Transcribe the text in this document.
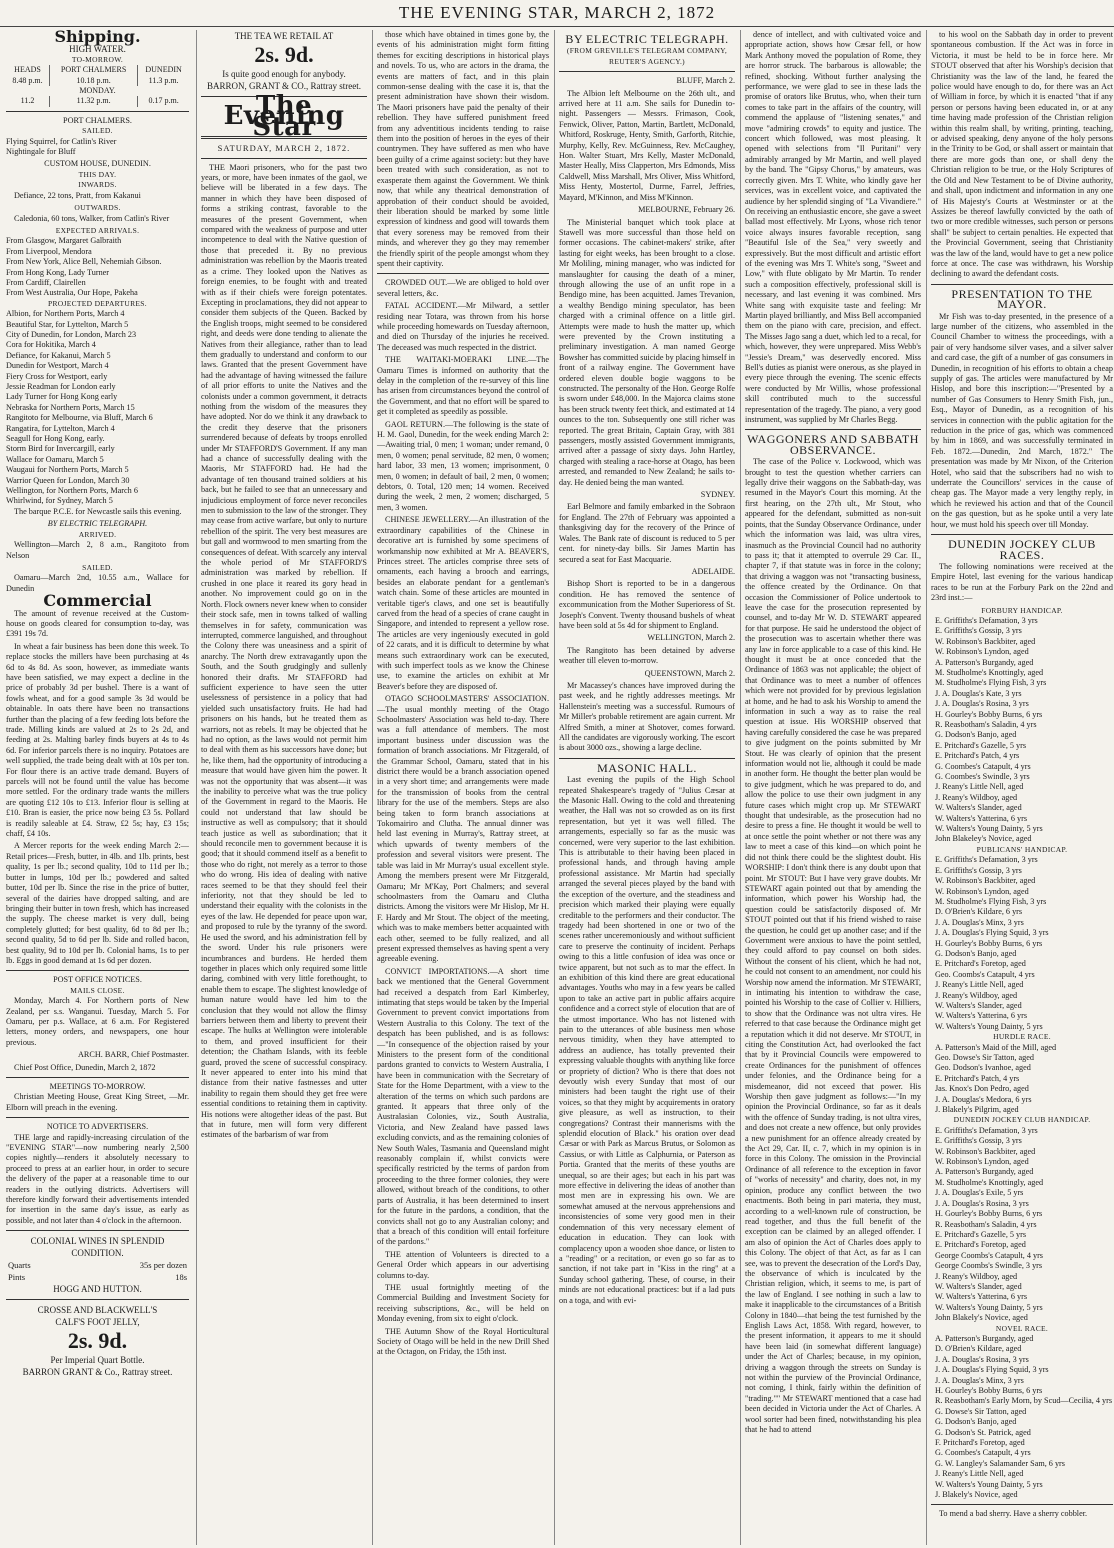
THE EVENING STAR, MARCH 2, 1872
Shipping.
HIGH WATER.
TO-MORROW.
HEADS	PORT CHALMERS	DUNEDIN
8.48 p.m.	10.18 p.m.	11.3 p.m.
MONDAY.		
11.2	11.32 p.m.	0.17 p.m.
PORT CHALMERS.
SAILED.

Flying Squirrel, for Catlin's River
Nightingale for Bluff

CUSTOM HOUSE, DUNEDIN.
THIS DAY.
INWARDS.

Defiance, 22 tons, Pratt, from Kakanui

OUTWARDS.

Caledonia, 60 tons, Walker, from Catlin's River

EXPECTED ARRIVALS.
From Glasgow, Margaret Galbraith
From Liverpool, Mendora
From New York, Alice Bell, Nehemiah Gibson.
From Hong Kong, Lady Turner
From Cardiff, Clairellen
From West Australia, Our Hope, Pakeha
PROJECTED DEPARTURES.
Albion, for Northern Ports, March 4
Beautiful Star, for Lyttelton, March 5
City of Dunedin, for London, March 23
Cora for Hokitika, March 4
Defiance, for Kakanui, March 5
Dunedin for Westport, March 4
Fiery Cross for Westport, early
Jessie Readman for London early
Lady Turner for Hong Kong early
Nebraska for Northern Ports, March 15
Rangitoto for Melbourne, via Bluff, March 6
Rangatira, for Lyttelton, March 4
Seagull for Hong Kong, early.
Storm Bird for Invercargill, early
Wallace for Oamaru, March 5
Waugaui for Northern Ports, March 5
Warrior Queen for London, March 30
Wellington, for Northern Ports, March 6
Whirlwind, for Sydney, March 5

The barque P.C.E. for Newcastle sails this evening.

BY ELECTRIC TELEGRAPH.
ARRIVED.

Wellington—March 2, 8 a.m., Rangitoto from Nelson

SAILED.

Oamaru—March 2nd, 10.55 a.m., Wallace for Dunedin

Commercial

The amount of revenue received at the Custom-house on goods cleared for consumption to-day, was £391 19s 7d.

In wheat a fair business has been done this week. To replace stocks the millers have been purchasing at 4s 6d to 4s 8d. As soon, however, as immediate wants have been satisfied, we may expect a decline in the price of probably 3d per bushel. There is a want of fowls wheat, and for a good sample 3s 3d would be obtainable. In oats there have been no transactions further than the placing of a few feeding lots before the trade. Milling kinds are valued at 2s to 2s 2d, and feeding at 2s. Malting barley finds buyers at 4s to 4s 6d. For inferior parcels there is no inquiry. Potatoes are well supplied, the trade being dealt with at 10s per ton. For flour there is an active trade demand. Buyers of parcels will not be found until the value has become more settled. For the ordinary trade wants the millers are quoting £12 10s to £13. Inferior flour is selling at £10. Bran is easier, the price now being £3 5s. Pollard is readily saleable at £4. Straw, £2 5s; hay, £3 15s; chaff, £4 10s.

A Mercer reports for the week ending March 2:—Retail prices—Fresh, butter, in 4lb. and 1lb. prints, best quality, 1s per lb.; second quality, 10d to 11d per lb.; butter in lumps, 10d per lb.; powdered and salted butter, 10d per lb. Since the rise in the price of butter, several of the dairies have dropped salting, and are bringing their butter in town fresh, which has increased the supply. The cheese market is very dull, being completely glutted; for best quality, 6d to 8d per lb.; second quality, 5d to 6d per lb. Side and rolled bacon, best quality, 9d to 10d per lb. Colonial hams, 1s to per lb. Eggs in good demand at 1s 6d per dozen.

POST OFFICE NOTICES.
MAILS CLOSE.

Monday, March 4. For Northern ports of New Zealand, per s.s. Wanganui. Tuesday, March 5. For Oamaru, per p.s. Wallace, at 6 a.m. For Registered letters, money orders, and newspapers, one hour previous.

ARCH. BARR, Chief Postmaster.

Chief Post Office, Dunedin, March 2, 1872

MEETINGS TO-MORROW.

Christian Meeting House, Great King Street, —Mr. Elborn will preach in the evening.

NOTICE TO ADVERTISERS.

THE large and rapidly-increasing circulation of the "EVENING STAR"—now numbering nearly 2,500 copies nightly—renders it absolutely necessary to proceed to press at an earlier hour, in order to secure the delivery of the paper at a reasonable time to our readers in the outlying districts. Advertisers will therefore kindly forward their advertisements intended for insertion in the same day's issue, as early as possible, and not later than 4 o'clock in the afternoon.

COLONIAL WINES IN SPLENDID CONDITION.
Quarts	35s per dozen
Pints	18s
HOGG AND HUTTON.
CROSSE AND BLACKWELL'S
CALF'S FOOT JELLY,
2s. 9d.
Per Imperial Quart Bottle.
BARRON GRANT & Co., Rattray street.
THE TEA WE RETAIL AT
2s. 9d.
Is quite good enough for anybody.
BARRON, GRANT & CO., Rattray street.
The Evening Star
SATURDAY, MARCH 2, 1872.

THE Maori prisoners, who for the past two years, or more, have been inmates of the gaol, we believe will be liberated in a few days. The manner in which they have been disposed of forms a striking contrast, favorable to the measures of the present Government, when compared with the weakness of purpose and utter incompetence to deal with the Native question of those that preceded it. By no previous administration was rebellion by the Maoris treated as a crime. They looked upon the Natives as foreign enemies, to be fought with and treated with as if their chiefs were foreign potentates. Excepting in proclamations, they did not appear to consider them subjects of the Queen. Backed by the English troops, might seemed to be considered right, and deeds were done tending to alienate the Natives from their allegiance, rather than to lead them gradually to understand and conform to our laws. Granted that the present Government have had the advantage of having witnessed the failure of all prior efforts to unite the Natives and the colonists under a common government, it detracts nothing from the wisdom of the measures they have adopted. Nor do we think it any drawback to the credit they deserve that the prisoners surrendered because of defeats by troops enrolled under Mr STAFFORD'S Government. If any man had a chance of successfully dealing with the Maoris, Mr STAFFORD had. He had the advantage of ten thousand trained soldiers at his back, but he failed to see that an unnecessary and injudicious employment of force never reconciles men to submission to the law of the stronger. They may cease from active warfare, but only to nurture rebellion of the spirit. The very best measures are but gall and wormwood to men smarting from the consequences of defeat. With scarcely any interval the whole period of Mr STAFFORD'S administration was marked by rebellion. If crushed in one place it reared its gory head in another. No improvement could go on in the North. Flock owners never knew when to consider their stock safe, men in towns talked of walling themselves in for safety, communication was interrupted, commerce languished, and throughout the Colony there was uneasiness and a spirit of anarchy. The North drew extravagantly upon the South, and the South grudgingly and sullenly honored their drafts. Mr STAFFORD had sufficient experience to have seen the utter uselessness of persistence in a policy that had yielded such unsatisfactory fruits. He had had prisoners on his hands, but he treated them as warriors, not as rebels. It may be objected that he had no option, as the laws would not permit him to deal with them as his successors have done; but he, like them, had the opportunity of introducing a measure that would have given him the power. It was not the opportunity that was absent—it was the inability to perceive what was the true policy of the Government in regard to the Maoris. He could not understand that law should be instructive as well as compulsory; that it should teach justice as well as subordination; that it should reconcile men to government because it is good; that it should commend itself as a benefit to those who do right, not merely as a terror to those who do wrong. His idea of dealing with native races seemed to be that they should feel their inferiority, not that they should be led to understand their equality with the colonists in the eyes of the law. He depended for peace upon war, and proposed to rule by the tyranny of the sword. He used the sword, and his administration fell by the sword. Under his rule prisoners were incumbrances and burdens. He herded them together in places which only required some little daring, combined with very little forethought, to enable them to escape. The slightest knowledge of human nature would have led him to the conclusion that they would not allow the flimsy barriers between them and liberty to prevent their escape. The hulks at Wellington were intolerable to them, and proved insufficient for their detention; the Chatham Islands, with its feeble guard, proved the scene of successful conspiracy. It never appeared to enter into his mind that distance from their native fastnesses and utter inability to regain them should they get free were essential conditions to retaining them in captivity. His notions were altogether ideas of the past. But that in future, men will form very different estimates of the barbarism of war from

those which have obtained in times gone by, the events of his administration might form fitting themes for exciting descriptions in historical plays and novels. To us, who are actors in the drama, the events are matters of fact, and in this plain common-sense dealing with the case it is, that the present administration have shown their wisdom. The Maori prisoners have paid the penalty of their rebellion. They have suffered punishment freed from any adventitious incidents tending to raise them into the position of heroes in the eyes of their countrymen. They have suffered as men who have been guilty of a crime against society: but they have been treated with such consideration, as not to exasperate them against the Government. We think now, that while any theatrical demonstration of approbation of their conduct should be avoided, their liberation should be marked by some little expression of kindness and good will towards them that every soreness may be removed from their minds, and wherever they go they may remember the friendly spirit of the people amongst whom they spent their captivity.

CROWDED OUT.—We are obliged to hold over several letters, &c.

FATAL ACCIDENT.—Mr Milward, a settler residing near Totara, was thrown from his horse while proceeding homewards on Tuesday afternoon, and died on Thursday of the injuries he received. The deceased was much respected in the district.

THE WAITAKI-MOERAKI LINE.—The Oamaru Times is informed on authority that the delay in the completion of the re-survey of this line has arisen from circumstances beyond the control of the Government, and that no effort will be spared to get it completed as speedily as possible.

GAOL RETURN.—The following is the state of H. M. Gaol, Dunedin, for the week ending March 2:—Awaiting trial, 0 men; 1 woman; under remand, 0 men, 0 women; penal servitude, 82 men, 0 women; hard labor, 33 men, 13 women; imprisonment, 0 men, 0 women; in default of bail, 2 men, 0 women; debtors, 0. Total, 120 men; 14 women. Received during the week, 2 men, 2 women; discharged, 5 men, 3 women.

CHINESE JEWELLERY.—An illustration of the extraordinary capabilities of the Chinese in decorative art is furnished by some specimens of workmanship now exhibited at Mr A. BEAVER'S, Princes street. The articles comprise three sets of ornaments, each having a brooch and earrings, besides an elaborate pendant for a gentleman's watch chain. Some of these articles are mounted in veritable tiger's claws, and one set is beautifully carved from the head of a species of crane caught in Singapore, and intended to represent a yellow rose. The articles are very ingeniously executed in gold of 22 carats, and it is difficult to determine by what means such extraordinary work can be executed, with such imperfect tools as we know the Chinese use, to examine the articles on exhibit at Mr Beaver's before they are disposed of.

OTAGO SCHOOLMASTERS' ASSOCIATION.—The usual monthly meeting of the Otago Schoolmasters' Association was held to-day. There was a full attendance of members. The most important business under discussion was the formation of branch associations. Mr Fitzgerald, of the Grammar School, Oamaru, stated that in his district there would be a branch association opened in a very short time; and arrangements were made for the transmission of books from the central library for the use of the members. Steps are also being taken to form branch associations at Tokomairiro and Clutha. The annual dinner was held last evening in Murray's, Rattray street, at which upwards of twenty members of the profession and several visitors were present. The table was laid in Mr Murray's usual excellent style. Among the members present were Mr Fitzgerald, Oamaru; Mr M'Kay, Port Chalmers; and several schoolmasters from the Oamaru and Clutha districts. Among the visitors were Mr Hislop, Mr H. F. Hardy and Mr Stout. The object of the meeting, which was to make members better acquainted with each other, seemed to be fully realized, and all present expressed themselves as having spent a very agreeable evening.

CONVICT IMPORTATIONS.—A short time back we mentioned that the General Government had received a despatch from Earl Kimberley, intimating that steps would be taken by the Imperial Government to prevent convict importations from Western Australia to this Colony. The text of the despatch has been published, and is as follows:—"In consequence of the objection raised by your Ministers to the present form of the conditional pardons granted to convicts to Western Australia, I have been in communication with the Secretary of State for the Home Department, with a view to the alteration of the terms on which such pardons are granted. It appears that three only of the Australasian Colonies, viz., South Australia, Victoria, and New Zealand have passed laws excluding convicts, and as the remaining colonies of New South Wales, Tasmania and Queensland might reasonably complain if, whilst convicts were specifically restricted by the terms of pardon from proceeding to the three former colonies, they were allowed, without breach of the conditions, to other parts of Australia, it has been determined to insert for the future in the pardons, a condition, that the convicts shall not go to any Australian colony; and that a breach of this condition will entail forfeiture of the pardons."

THE attention of Volunteers is directed to a General Order which appears in our advertising columns to-day.

THE usual fortnightly meeting of the Commercial Building and Investment Society for receiving subscriptions, &c., will be held on Monday evening, from six to eight o'clock.

THE Autumn Show of the Royal Horticultural Society of Otago will be held in the new Drill Shed at the Octagon, on Friday, the 15th inst.

BY ELECTRIC TELEGRAPH.
(FROM GREVILLE'S TELEGRAM COMPANY, REUTER'S AGENCY.)

BLUFF, March 2.

The Albion left Melbourne on the 26th ult., and arrived here at 11 a.m. She sails for Dunedin to-night. Passengers — Messrs. Frimason, Cook, Fenwick, Oliver, Patton, Martin, Bartlett, McDonald, Whitford, Roskruge, Henty, Smith, Garforth, Ritchie, Murphy, Kelly, Rev. McGuinness, Rev. McCaughey, Hon. Walter Stuart, Mrs Kelly, Master McDonald, Master Heally, Miss Clapperton, Mrs Edmonds, Miss Caldwell, Miss Marshall, Mrs Oliver, Miss Whitford, Miss Henty, Mostertol, Durrne, Farrel, Jeffries, Mayard, M'Kinnon, and Miss M'Kinnon.

MELBOURNE, February 26.

The Ministerial banquet which took place at Stawell was more successful than those held on former occasions. The cabinet-makers' strike, after lasting for eight weeks, has been brought to a close. Mr Moliling, mining manager, who was indicted for manslaughter for causing the death of a miner, through allowing the use of an unfit rope in a Bendigo mine, has been acquitted. James Trevanion, a wealthy Bendigo mining speculator, has been charged with a criminal offence on a little girl. Attempts were made to hush the matter up, which were prevented by the Crown instituting a preliminary investigation. A man named George Bowsher has committed suicide by placing himself in front of a railway engine. The Government have ordered eleven double bogie waggons to be constructed. The personalty of the Hon. George Rolfe is sworn under £48,000. In the Majorca claims stone has been struck twenty feet thick, and estimated at 14 ounces to the ton. Subsequently one still richer was reported. The great Britain, Captain Gray, with 381 passengers, mostly assisted Government immigrants, arrived after a passage of sixty days. John Hartley, charged with stealing a race-horse at Otago, has been arrested, and remanded to New Zealand; he sails to-day. He denied being the man wanted.

SYDNEY.

Earl Belmore and family embarked in the Sobraon for England. The 27th of February was appointed a thanksgiving day for the recovery of the Prince of Wales. The Bank rate of discount is reduced to 5 per cent. for ninety-day bills. Sir James Martin has secured a seat for East Macquarie.

ADELAIDE.

Bishop Short is reported to be in a dangerous condition. He has removed the sentence of excommunication from the Mother Superioress of St. Joseph's Convent. Twenty thousand bushels of wheat have been sold at 5s 4d for shipment to England.

WELLINGTON, March 2.

The Rangitoto has been detained by adverse weather till eleven to-morrow.

QUEENSTOWN, March 2.

Mr Macassey's chances have improved during the past week, and he rightly addresses meetings. Mr Hallenstein's meeting was a successful. Rumours of Mr Miller's probable retirement are again current. Mr Alfred Smith, a miner at Shotover, comes forward. All the candidates are vigorously working. The escort is about 3000 ozs., showing a large decline.

MASONIC HALL.

Last evening the pupils of the High School repeated Shakespeare's tragedy of "Julius Cæsar at the Masonic Hall. Owing to the cold and threatening weather, the Hall was not so crowded as on its first representation, but yet it was well filled. The arrangements, especially so far as the music was concerned, were very superior to the last exhibition. This is attributable to their having been placed in professional hands, and through having ample professional assistance. Mr Martin had specially arranged the several pieces played by the band with the exception of the overture, and the steadiness and precision which marked their playing were equally creditable to the performers and their conductor. The tragedy had been shortened in one or two of the scenes rather unceremoniously and without sufficient care to preserve the continuity of incident. Perhaps owing to this a little confusion of idea was once or twice apparent, but not such as to mar the effect. In an exhibition of this kind there are great educational advantages. Youths who may in a few years be called upon to take an active part in public affairs acquire confidence and a correct style of elocution that are of the utmost importance. Who has not listened with pain to the utterances of able business men whose nervous timidity, when they have attempted to address an audience, has totally prevented their expressing valuable thoughts with anything like force or propriety of diction? Who is there that does not devoutly wish every Sunday that most of our ministers had been taught the right use of their voices, so that they might by acquirements in oratory give pleasure, as well as instruction, to their congregations? Contrast their mannerisms with the splendid elocution of Black." his oration over dead Cæsar or with Park as Marcus Brutus, or Solomon as Cassius, or with Little as Calphurnia, or Paterson as Portia. Granted that the merits of these youths are unequal, so are their ages; but each in his part was more effective in delivering the ideas of another than most men are in expressing his own. We are somewhat amused at the nervous apprehensions and inconsistencies of some very good men in their condemnation of this very necessary element of education in education. They can look with complacency upon a wooden shoe dance, or listen to a "reading" or a recitation, or even go so far as to sanction, if not take part in "Kiss in the ring" at a Sunday school gathering. These, of course, in their minds are not educational practices: but if a lad puts on a toga, and with evi-

dence of intellect, and with cultivated voice and appropriate action, shows how Cæsar fell, or how Mark Anthony moved the population of Rome, they are horror struck. The barbarous is allowable; the refined, shocking. Without further analysing the performance, we were glad to see in these lads the promise of orators like Brutus, who, when their turn comes to take part in the affairs of the country, will commend the applause of "listening senates," and move "admiring crowds" to equity and justice. The concert which followed, was most pleasing. It opened with selections from "Il Puritani" very admirably arranged by Mr Martin, and well played by the band. The "Gipsy Chorus," by amateurs, was correctly given. Mrs T. White, who kindly gave her services, was in excellent voice, and captivated the audience by her splendid singing of "La Vivandiere." On receiving an enthusiastic encore, she gave a sweet ballad most effectively. Mr Lyons, whose rich tenor voice always insures favorable reception, sang "Beautiful Isle of the Sea," very sweetly and expressively. But the most difficult and artistic effort of the evening was Mrs T. White's song, "Sweet and Low," with flute obligato by Mr Martin. To render such a composition effectively, professional skill is necessary, and last evening it was combined. Mrs White sang with exquisite taste and feeling: Mr Martin played brilliantly, and Miss Bell accompanied them on the piano with care, precision, and effect. The Misses Jago sang a duet, which led to a recal, for which, however, they were unprepared. Miss Webb's "Jessie's Dream," was deservedly encored. Miss Bell's duties as pianist were onerous, as she played in every piece through the evening. The scenic effects were conducted by Mr Willis, whose professional skill contributed much to the successful representation of the tragedy. The piano, a very good instrument, was supplied by Mr Charles Begg.

WAGGONERS AND SABBATH OBSERVANCE.

The case of the Police v. Lockwood, which was brought to test the question whether carriers can legally drive their waggons on the Sabbath-day, was resumed in the Mayor's Court this morning. At the first hearing, on the 27th ult., Mr Stout, who appeared for the defendant, submitted as non-suit points, that the Sunday Observance Ordinance, under which the information was laid, was ultra vires, inasmuch as the Provincial Council had no authority to pass it; that it attempted to overrule 29 Car. II., chapter 7, if that statute was in force in the colony; that driving a waggon was not "transacting business, the offence created by the Ordinance. On that occasion the Commissioner of Police undertook to leave the case for the prosecution represented by counsel, and to-day Mr W. D. STEWART appeared for that purpose. He said he understood the object of the prosecution was to ascertain whether there was any law in force applicable to a case of this kind. He thought it must be at once conceded that the Ordinance of 1863 was not applicable; the object of that Ordinance was to meet a number of offences which were not provided for by previous legislation at home, and he had to ask his Worship to amend the information in such a way as to raise the real question at issue. His WORSHIP observed that having carefully considered the case he was prepared to give judgment on the points submitted by Mr Stout. He was clearly of opinion that the present information would not lie, although it could be made in another form. He thought the better plan would be to give judgment, which he was prepared to do, and allow the police to use their own judgment in any future cases which might crop up. Mr STEWART thought that undesirable, as the prosecution had no desire to press a fine. He thought it would be well to at once settle the point whether or not there was any law to meet a case of this kind—on which point he did not think there could be the slightest doubt. His WORSHIP: I don't think there is any doubt upon that point. Mr STOUT: But I have very grave doubts. Mr STEWART again pointed out that by amending the information, which power his Worship had, the question could be satisfactorily disposed of. Mr STOUT pointed out that if his friend wished to raise the question, he could get up another case; and if the Government were anxious to have the point settled, they could afford to pay counsel on both sides. Without the consent of his client, which he had not, he could not consent to an amendment, nor could his Worship now amend the information. Mr STEWART, in intimating his intention to withdraw the case, pointed his Worship to the case of Collier v. Hilliers, to show that the Ordinance was not ultra vires. He referred to that case because the Ordinance might get a reputation which it did not deserve. Mr STOUT, in citing the Constitution Act, had overlooked the fact that by it Provincial Councils were empowered to create Ordinances for the punishment of offences under felonies, and the Ordinance being for a misdemeanor, did not exceed that power. His Worship then gave judgment as follows:—"In my opinion the Provincial Ordinance, so far as it deals with the offence of Sunday trading, is not ultra vires, and does not create a new offence, but only provides a new punishment for an offence already created by the Act 29, Car. II, c. 7, which in my opinion is in force in this Colony. The omission in the Provincial Ordinance of all reference to the exception in favor of "works of necessity" and charity, does not, in my opinion, produce any conflict between the two enactments. Both being in pari materia, they must, according to a well-known rule of construction, be read together, and thus the full benefit of the exception can be claimed by an alleged offender. I am also of opinion the Act of Charles does apply to this Colony. The object of that Act, as far as I can see, was to prevent the desecration of the Lord's Day, the observance of which is inculcated by the Christian religion, which, it seems to me, is part of the law of England. I see nothing in such a law to make it inapplicable to the circumstances of a British Colony in 1840—that being the test furnished by the English Laws Act, 1858. With regard, however, to the present information, it appears to me it should have been laid (in somewhat different language) under the Act of Charles; because, in my opinion, driving a waggon through the streets on Sunday is not within the purview of the Provincial Ordinance, not coming, I think, fairly within the definition of "trading."" Mr STEWART mentioned that a case had been decided in Victoria under the Act of Charles. A wool sorter had been fined, notwithstanding his plea that he had to attend

to his wool on the Sabbath day in order to prevent spontaneous combustion. If the Act was in force in Victoria, it must be held to be in force here. Mr STOUT observed that after his Worship's decision that Christianity was the law of the land, he feared the police would have enough to do, for there was an Act of William in force, by which it is enacted "that if any person or persons having been educated in, or at any time having made profession of the Christian religion within this realm shall, by writing, printing, teaching, or advised speaking, deny anyone of the holy persons in the Trinity to be God, or shall assert or maintain that there are more gods than one, or shall deny the Christian religion to be true, or the Holy Scriptures of the Old and New Testament to be of Divine authority, and shall, upon indictment and information in any one of His Majesty's Courts at Westminster or at the Assizes be thereof lawfully convicted by the oath of two or more credible witnesses, such person or persons shall" be subject to certain penalties. He expected that the Provincial Government, seeing that Christianity was the law of the land, would have to get a new police force at once. The case was withdrawn, his Worship declining to award the defendant costs.

PRESENTATION TO THE MAYOR.

Mr Fish was to-day presented, in the presence of a large number of the citizens, who assembled in the Council Chamber to witness the proceedings, with a pair of very handsome silver vases, and a silver salver and card case, the gift of a number of gas consumers in Dunedin, in recognition of his efforts to obtain a cheap supply of gas. The articles were manufactured by Mr Hislop, and bore this inscription:—"Presented by a number of Gas Consumers to Henry Smith Fish, jun., Esq., Mayor of Dunedin, as a recognition of his services in connection with the public agitation for the reduction in the price of gas, which was commenced by him in 1869, and was successfully terminated in Feb. 1872.—Dunedin, 2nd March, 1872." The presentation was made by Mr Nixon, of the Criterion Hotel, who said that the subscribers had no wish to underrate the Councillors' services in the cause of cheap gas. The Mayor made a very lengthy reply, in which he reviewed his action and that of the Council on the gas question, but as he spoke until a very late hour, we must hold his speech over till Monday.

DUNEDIN JOCKEY CLUB RACES.

The following nominations were received at the Empire Hotel, last evening for the various handicap races to be run at the Forbury Park on the 22nd and 23rd inst.:—

FORBURY HANDICAP.
E. Griffiths's Defamation, 3 yrs
E. Griffiths's Gossip, 3 yrs
W. Robinson's Backbiter, aged
W. Robinson's Lyndon, aged
A. Patterson's Burgandy, aged
M. Studholme's Knottingly, aged
M. Studholme's Flying Fish, 3 yrs
J. A. Douglas's Kate, 3 yrs
J. A. Douglas's Rosina, 3 yrs
H. Gourley's Bobby Burns, 6 yrs
R. Reasbotham's Saladin, 4 yrs
G. Dodson's Banjo, aged
E. Pritchard's Gazelle, 5 yrs
E. Pritchard's Patch, 4 yrs
G. Coombes's Catapult, 4 yrs
G. Coombes's Swindle, 3 yrs
J. Reany's Little Nell, aged
J. Reany's Wildboy, aged
W. Walters's Slander, aged
W. Walters's Yatterina, 6 yrs
W. Walters's Young Dainty, 5 yrs
John Blakeley's Novice, aged
PUBLICANS' HANDICAP.
E. Griffiths's Defamation, 3 yrs
E. Griffiths's Gossip, 3 yrs
W. Robinson's Backbiter, aged
W. Robinson's Lyndon, aged
M. Studholme's Flying Fish, 3 yrs
D. O'Brien's Kildare, 6 yrs
J. A. Douglas's Minx, 3 yrs
J. A. Douglas's Flying Squid, 3 yrs
H. Gourley's Bobby Burns, 6 yrs
G. Dodson's Banjo, aged
E. Pritchard's Foretop, aged
Geo. Coombs's Catapult, 4 yrs
J. Reany's Little Nell, aged
J. Reany's Wildboy, aged
W. Walters's Slander, aged
W. Walters's Yatterina, 6 yrs
W. Walters's Young Dainty, 5 yrs
HURDLE RACE.
A. Patterson's Maid of the Mill, aged
Geo. Dowse's Sir Tatton, aged
Geo. Dodson's Ivanhoe, aged
E. Pritchard's Patch, 4 yrs
Jas. Knox's Don Pedro, aged
J. A. Douglas's Medora, 6 yrs
J. Blakely's Pilgrim, aged
DUNEDIN JOCKEY CLUB HANDICAP.
E. Griffiths's Defamation, 3 yrs
E. Griffiths's Gossip, 3 yrs
W. Robinson's Backbiter, aged
W. Robinson's Lyndon, aged
A. Patterson's Burgandy, aged
M. Studholme's Knottingly, aged
J. A. Douglas's Exile, 5 yrs
J. A. Douglas's Rosina, 3 yrs
H. Gourley's Bobby Burns, 6 yrs
R. Reasbotham's Saladin, 4 yrs
E. Pritchard's Gazelle, 5 yrs
E. Pritchard's Foretop, aged
George Coombs's Catapult, 4 yrs
George Coombs's Swindle, 3 yrs
J. Reany's Wildboy, aged
W. Walters's Slander, aged
W. Walters's Yatterina, 6 yrs
W. Walters's Young Dainty, 5 yrs
John Blakely's Novice, aged
NOVEL RACE.
A. Patterson's Burgandy, aged
D. O'Brien's Kildare, aged
J. A. Douglas's Rosina, 3 yrs
J. A. Douglas's Flying Squid, 3 yrs
J. A. Douglas's Minx, 3 yrs
H. Gourley's Bobby Burns, 6 yrs
R. Reasbotham's Early Morn, by Scud—Cecilia, 4 yrs
G. Dowse's Sir Tatton, aged
G. Dodson's Banjo, aged
G. Dodson's St. Patrick, aged
F. Pritchard's Foretop, aged
G. Coombes's Catapult, 4 yrs
G. W. Langley's Salamander Sam, 6 yrs
J. Reany's Little Nell, aged
W. Walters's Young Dainty, 5 yrs
J. Blakely's Novice, aged

To mend a bad sherry. Have a sherry cobbler.
